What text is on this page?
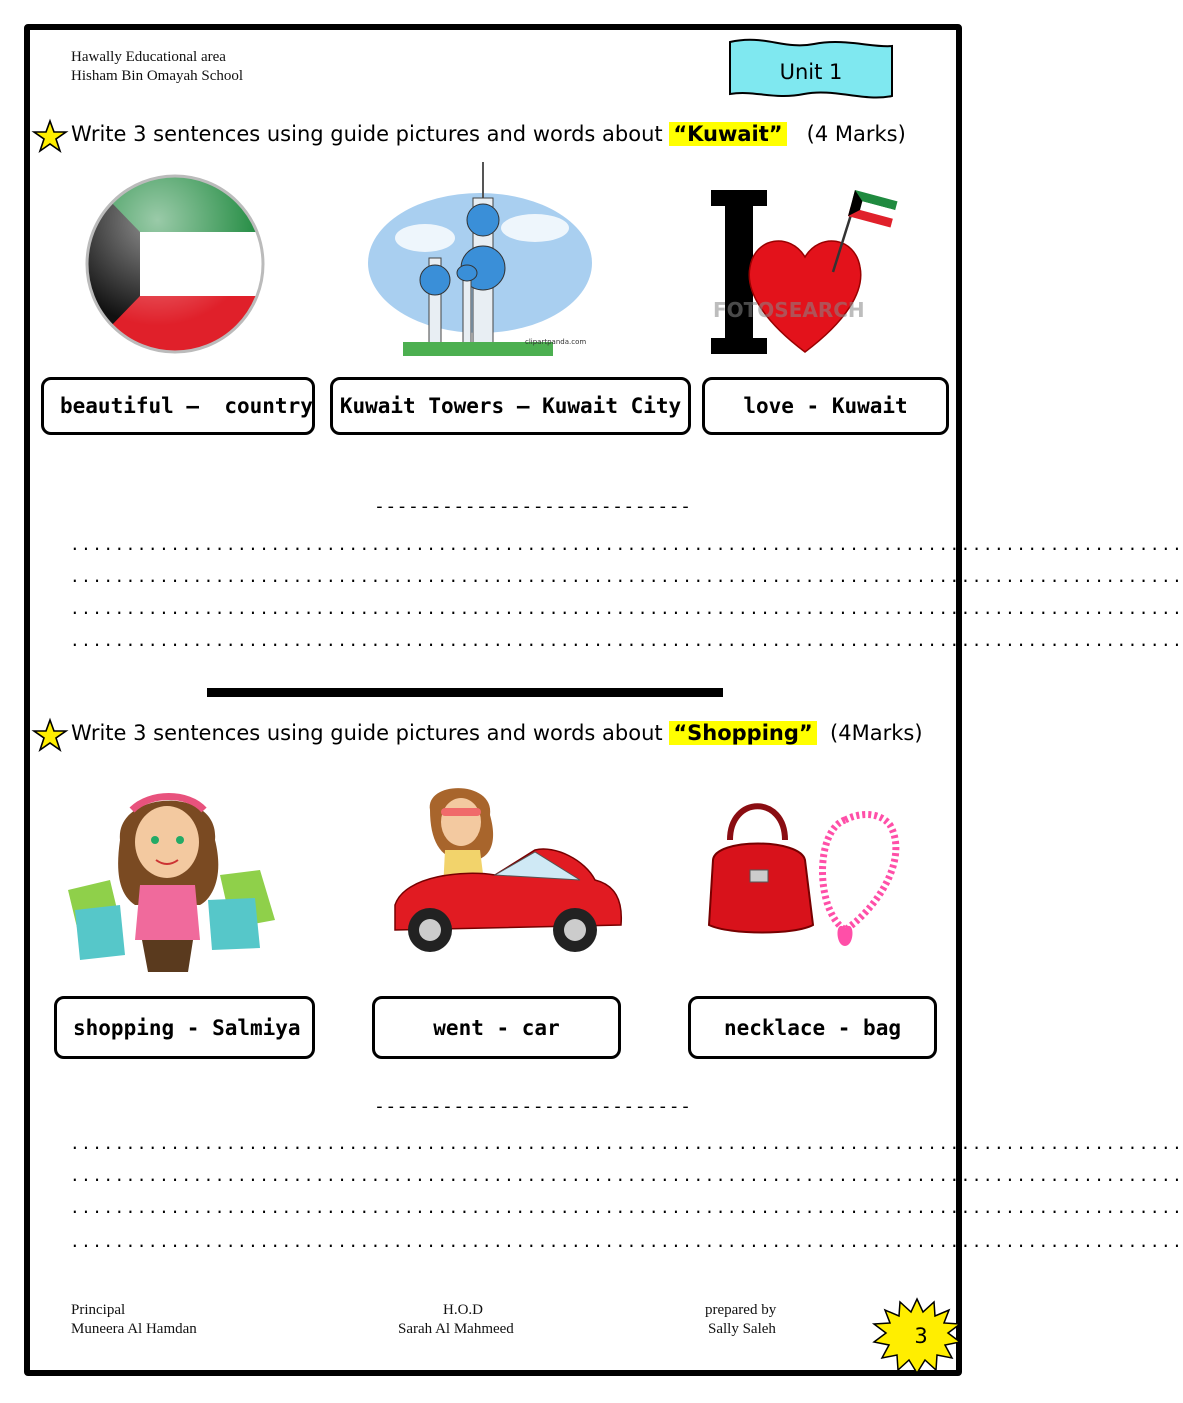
Hawally Educational area
Hisham Bin Omayah School	Unit 1
Write 3 sentences using guide pictures and words about “Kuwait” (4 Marks)
clipartpanda.com
FOTOSEARCH
beautiful –  country	Kuwait Towers – Kuwait City	love - Kuwait
----------------------------
....................................................................................................
....................................................................................................
....................................................................................................
....................................................................................................
Write 3 sentences using guide pictures and words about “Shopping” (4Marks)
shopping - Salmiya	went - car	necklace - bag
----------------------------
....................................................................................................
....................................................................................................
....................................................................................................
....................................................................................................
Principal
Muneera Al Hamdan
H.O.D
Sarah Al Mahmeed
prepared by
Sally Saleh	3
